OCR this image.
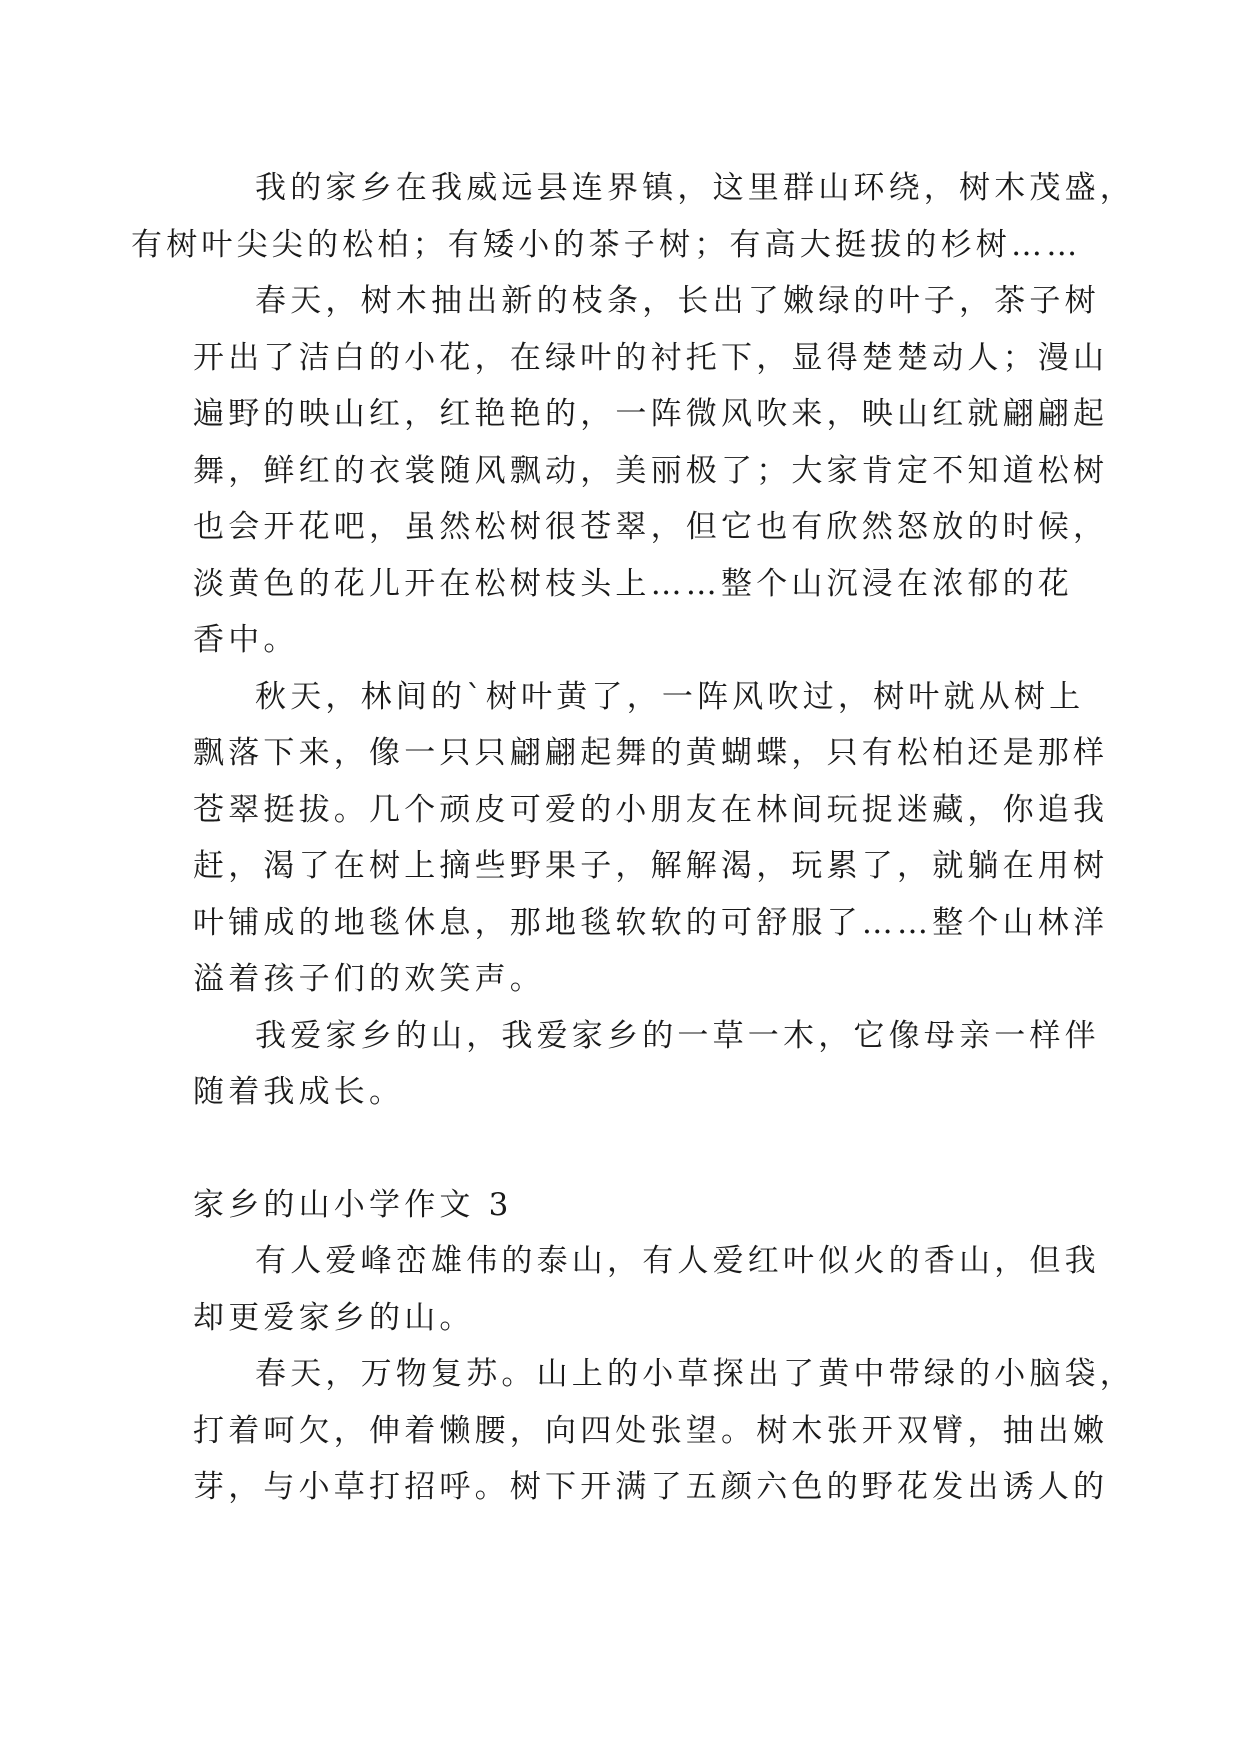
我的家乡在我威远县连界镇，这里群山环绕，树木茂盛，
有树叶尖尖的松柏；有矮小的茶子树；有高大挺拔的杉树……
春天，树木抽出新的枝条，长出了嫩绿的叶子，茶子树
开出了洁白的小花，在绿叶的衬托下，显得楚楚动人；漫山
遍野的映山红，红艳艳的，一阵微风吹来，映山红就翩翩起
舞，鲜红的衣裳随风飘动，美丽极了；大家肯定不知道松树
也会开花吧，虽然松树很苍翠，但它也有欣然怒放的时候，
淡黄色的花儿开在松树枝头上……整个山沉浸在浓郁的花
香中。
秋天，林间的`树叶黄了，一阵风吹过，树叶就从树上
飘落下来，像一只只翩翩起舞的黄蝴蝶，只有松柏还是那样
苍翠挺拔。几个顽皮可爱的小朋友在林间玩捉迷藏，你追我
赶，渴了在树上摘些野果子，解解渴，玩累了，就躺在用树
叶铺成的地毯休息，那地毯软软的可舒服了……整个山林洋
溢着孩子们的欢笑声。
我爱家乡的山，我爱家乡的一草一木，它像母亲一样伴
随着我成长。
家乡的山小学作文 3
有人爱峰峦雄伟的泰山，有人爱红叶似火的香山，但我
却更爱家乡的山。
春天，万物复苏。山上的小草探出了黄中带绿的小脑袋，
打着呵欠，伸着懒腰，向四处张望。树木张开双臂，抽出嫩
芽，与小草打招呼。树下开满了五颜六色的野花发出诱人的
